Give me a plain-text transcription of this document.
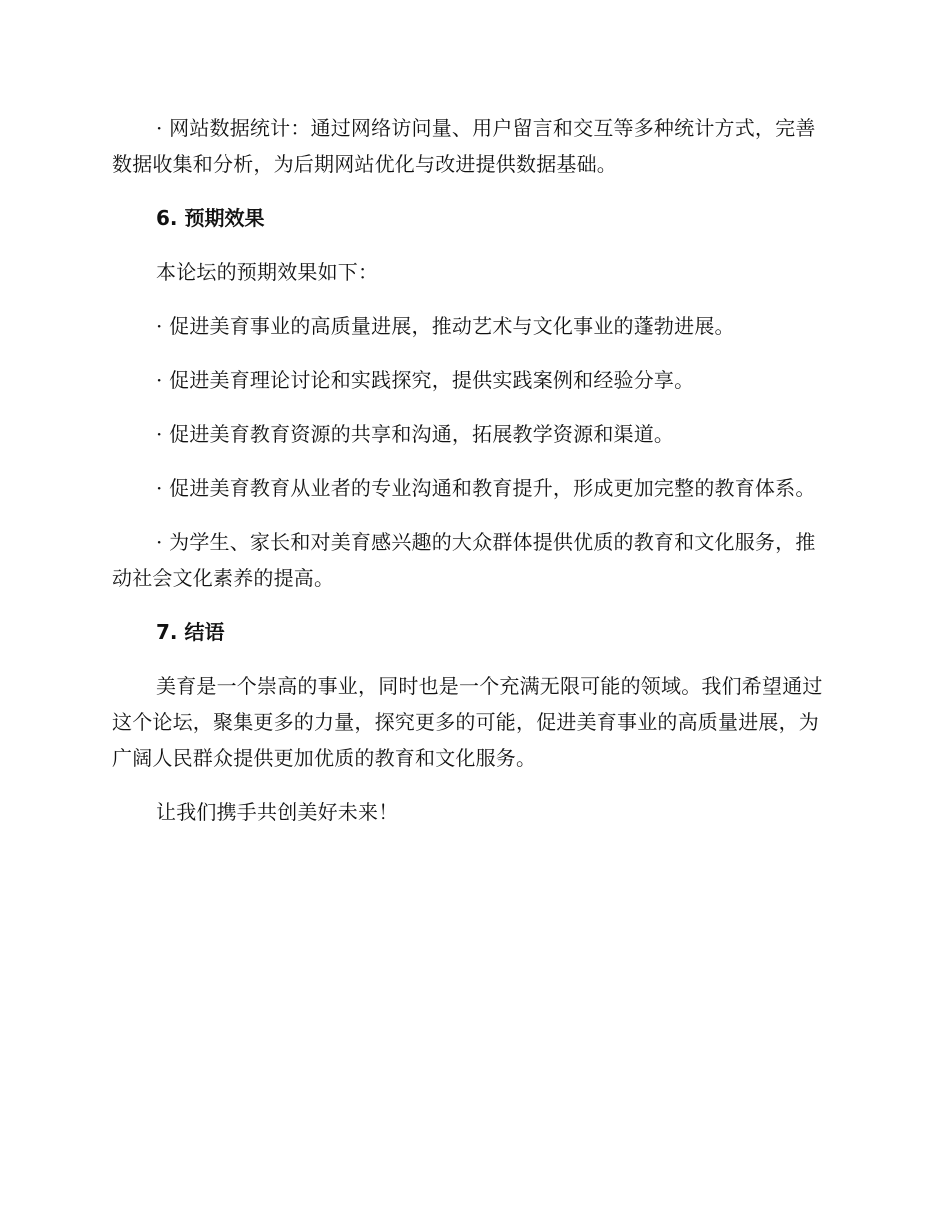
· 网站数据统计：通过网络访问量、用户留言和交互等多种统计方式，完善数据收集和分析，为后期网站优化与改进提供数据基础。

6. 预期效果

本论坛的预期效果如下：

· 促进美育事业的高质量进展，推动艺术与文化事业的蓬勃进展。

· 促进美育理论讨论和实践探究，提供实践案例和经验分享。

· 促进美育教育资源的共享和沟通，拓展教学资源和渠道。

· 促进美育教育从业者的专业沟通和教育提升，形成更加完整的教育体系。

· 为学生、家长和对美育感兴趣的大众群体提供优质的教育和文化服务，推动社会文化素养的提高。

7. 结语

美育是一个崇高的事业，同时也是一个充满无限可能的领域。我们希望通过这个论坛，聚集更多的力量，探究更多的可能，促进美育事业的高质量进展，为广阔人民群众提供更加优质的教育和文化服务。

让我们携手共创美好未来！
